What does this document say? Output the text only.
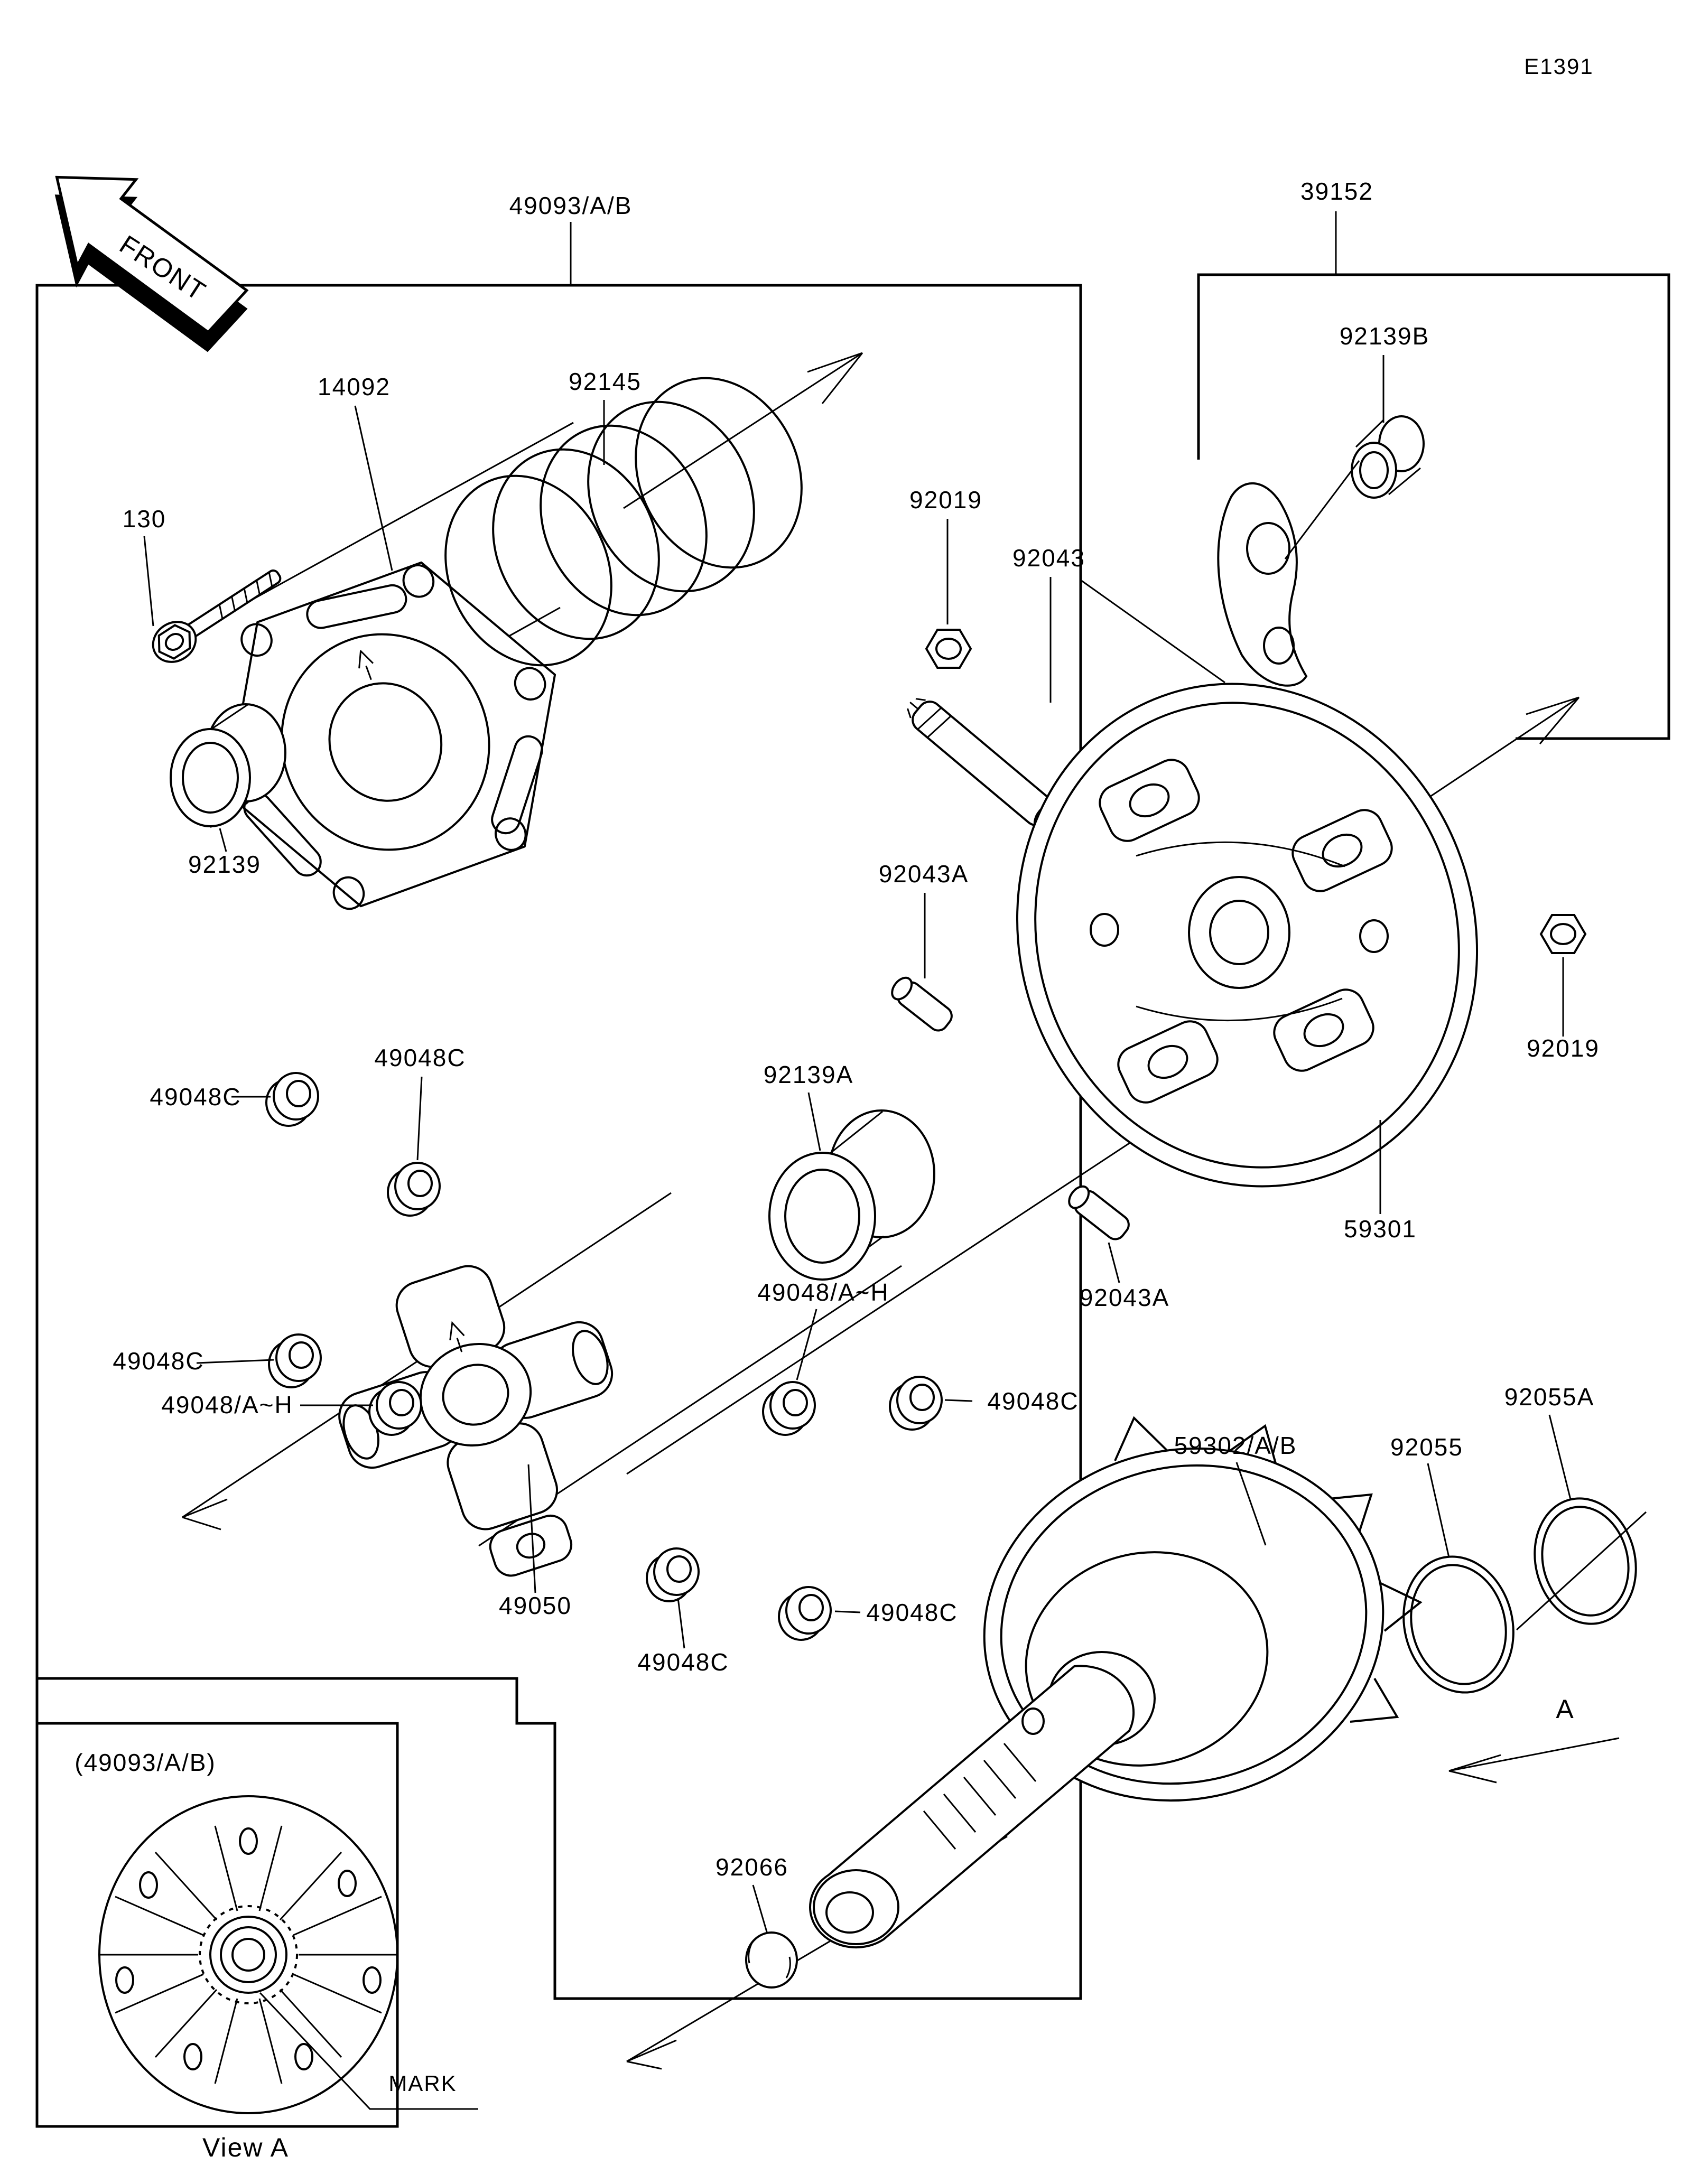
FRONT
E1391
A
MARK
(49093/A/B)
View A
49093/A/B
39152
92139B
14092	92145
130
92019
92043
92139	92043A
92019
49048C
49048C
92139A
59301
92043A
49048/A~H
49048C
49048C
49048/A~H
49050
49048C
49048C
59302/A/B	92055
92055A
92066
